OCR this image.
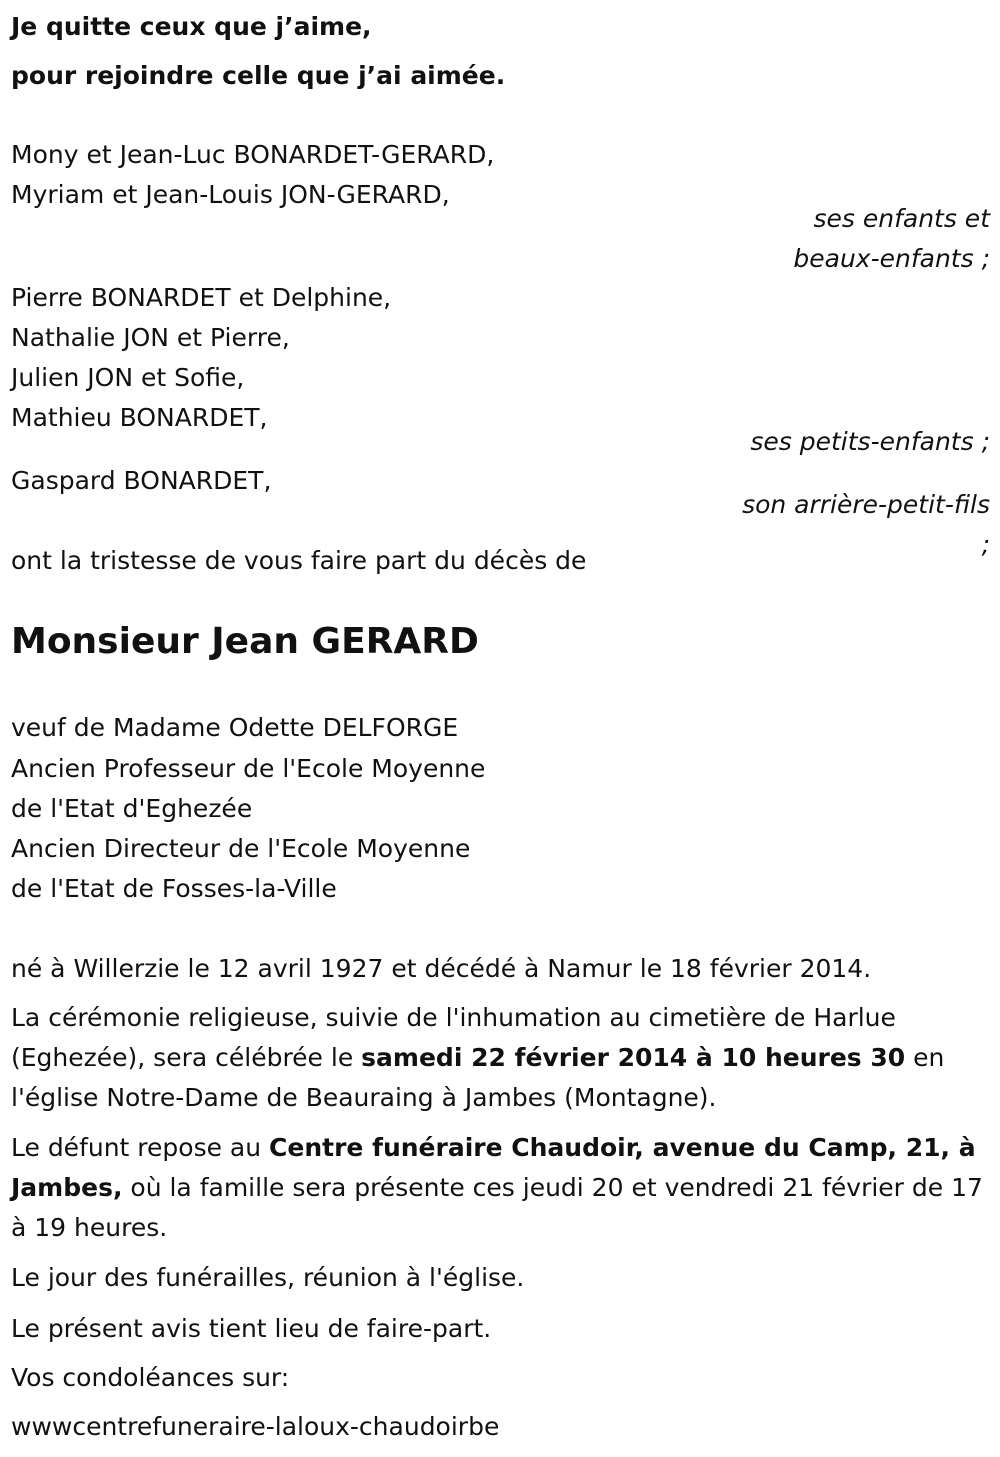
Je quitte ceux que j’aime,
pour rejoindre celle que j’ai aimée.
Mony et Jean-Luc BONARDET-GERARD,
Myriam et Jean-Louis JON-GERARD,
ses enfants et
beaux-enfants ;
Pierre BONARDET et Delphine,
Nathalie JON et Pierre,
Julien JON et Sofie,
Mathieu BONARDET,
ses petits-enfants ;
Gaspard BONARDET,
son arrière-petit-fils
;
ont la tristesse de vous faire part du décès de
Monsieur Jean GERARD
veuf de Madame Odette DELFORGE
Ancien Professeur de l'Ecole Moyenne
de l'Etat d'Eghezée
Ancien Directeur de l'Ecole Moyenne
de l'Etat de Fosses-la-Ville
né à Willerzie le 12 avril 1927 et décédé à Namur le 18 février 2014.
La cérémonie religieuse, suivie de l'inhumation au cimetière de Harlue (Eghezée), sera célébrée le samedi 22 février 2014 à 10 heures 30 en l'église Notre-Dame de Beauraing à Jambes (Montagne).
Le défunt repose au Centre funéraire Chaudoir, avenue du Camp, 21, à Jambes, où la famille sera présente ces jeudi 20 et vendredi 21 février de 17 à 19 heures.
Le jour des funérailles, réunion à l'église.
Le présent avis tient lieu de faire-part.
Vos condoléances sur:
wwwcentrefuneraire-laloux-chaudoirbe
